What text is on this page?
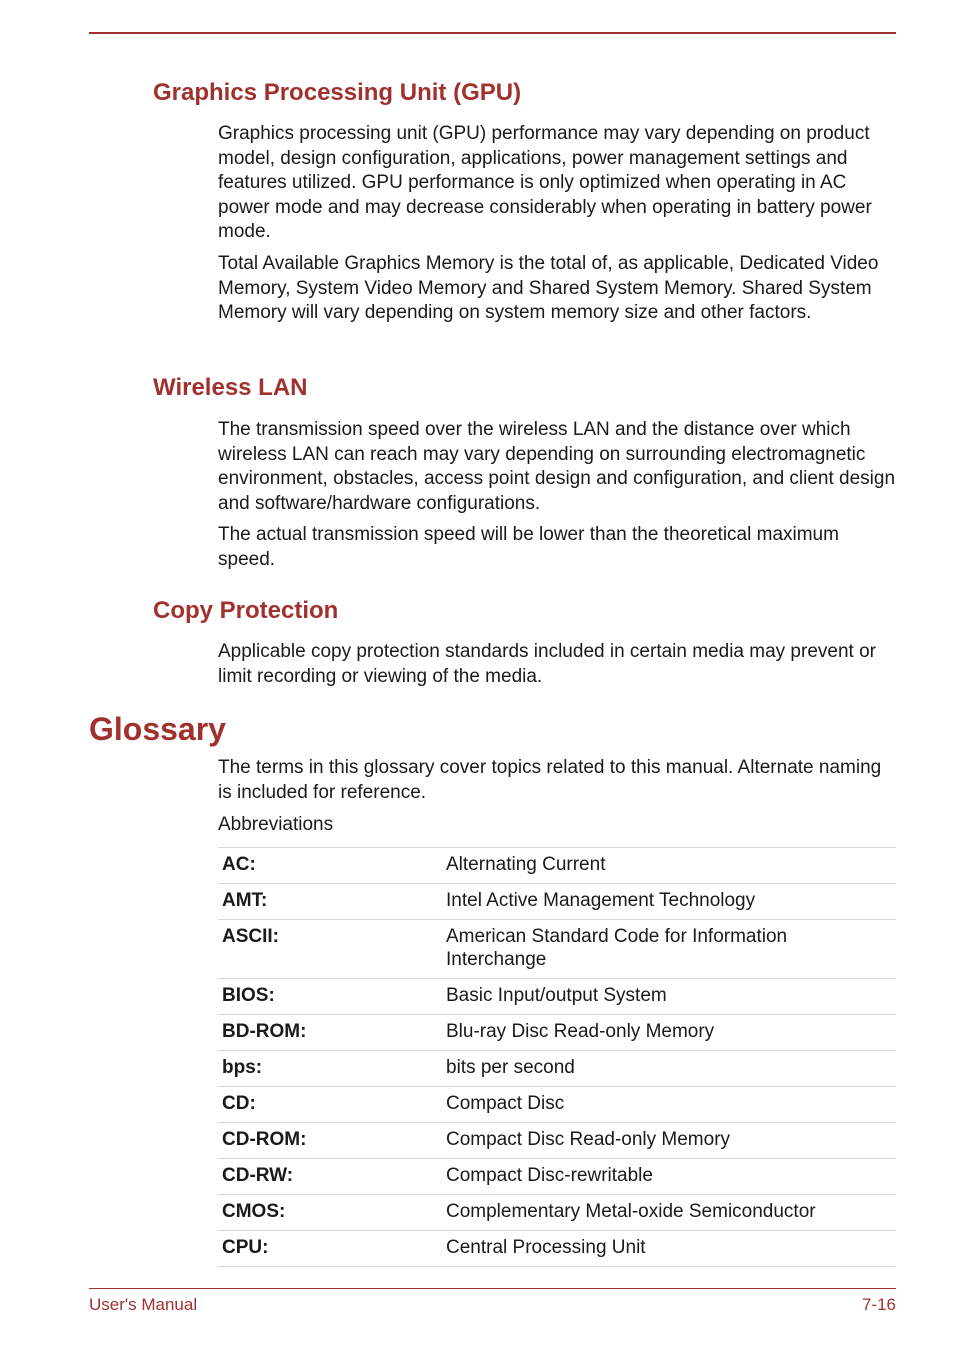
Graphics Processing Unit (GPU)

Graphics processing unit (GPU) performance may vary depending on product model, design configuration, applications, power management settings and features utilized. GPU performance is only optimized when operating in AC power mode and may decrease considerably when operating in battery power mode.

Total Available Graphics Memory is the total of, as applicable, Dedicated Video Memory, System Video Memory and Shared System Memory. Shared System Memory will vary depending on system memory size and other factors.

Wireless LAN

The transmission speed over the wireless LAN and the distance over which wireless LAN can reach may vary depending on surrounding electromagnetic environment, obstacles, access point design and configuration, and client design and software/hardware configurations.

The actual transmission speed will be lower than the theoretical maximum speed.

Copy Protection

Applicable copy protection standards included in certain media may prevent or limit recording or viewing of the media.

Glossary

The terms in this glossary cover topics related to this manual. Alternate naming is included for reference.

Abbreviations

AC:	Alternating Current
AMT:	Intel Active Management Technology
ASCII:	American Standard Code for Information Interchange
BIOS:	Basic Input/output System
BD-ROM:	Blu-ray Disc Read-only Memory
bps:	bits per second
CD:	Compact Disc
CD-ROM:	Compact Disc Read-only Memory
CD-RW:	Compact Disc-rewritable
CMOS:	Complementary Metal-oxide Semiconductor
CPU:	Central Processing Unit
User's Manual	7-16
